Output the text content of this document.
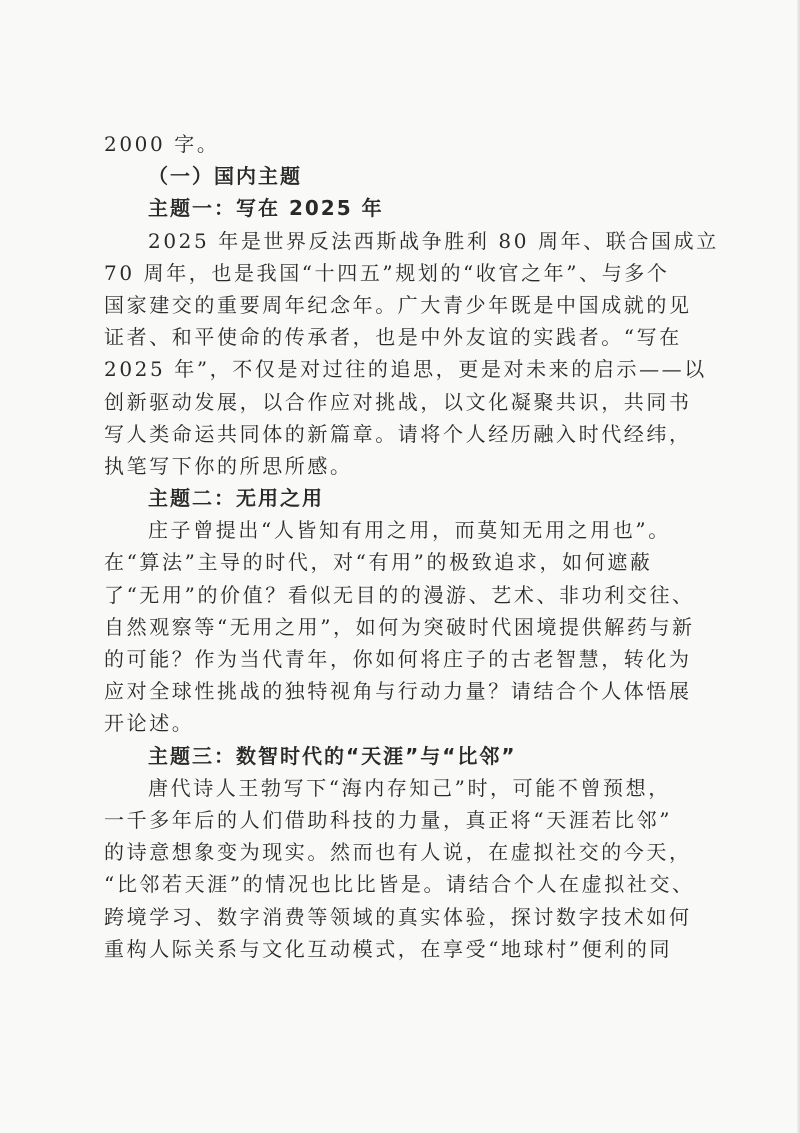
2000 字。
（一）国内主题
主题一：写在 2025 年
2025 年是世界反法西斯战争胜利 80 周年、联合国成立
70 周年，也是我国“十四五”规划的“收官之年”、与多个
国家建交的重要周年纪念年。广大青少年既是中国成就的见
证者、和平使命的传承者，也是中外友谊的实践者。“写在
2025 年”，不仅是对过往的追思，更是对未来的启示——以
创新驱动发展，以合作应对挑战，以文化凝聚共识，共同书
写人类命运共同体的新篇章。请将个人经历融入时代经纬，
执笔写下你的所思所感。
主题二：无用之用
庄子曾提出“人皆知有用之用，而莫知无用之用也”。
在“算法”主导的时代，对“有用”的极致追求，如何遮蔽
了“无用”的价值？看似无目的的漫游、艺术、非功利交往、
自然观察等“无用之用”，如何为突破时代困境提供解药与新
的可能？作为当代青年，你如何将庄子的古老智慧，转化为
应对全球性挑战的独特视角与行动力量？请结合个人体悟展
开论述。
主题三：数智时代的“天涯”与“比邻”
唐代诗人王勃写下“海内存知己”时，可能不曾预想，
一千多年后的人们借助科技的力量，真正将“天涯若比邻”
的诗意想象变为现实。然而也有人说，在虚拟社交的今天，
“比邻若天涯”的情况也比比皆是。请结合个人在虚拟社交、
跨境学习、数字消费等领域的真实体验，探讨数字技术如何
重构人际关系与文化互动模式，在享受“地球村”便利的同
